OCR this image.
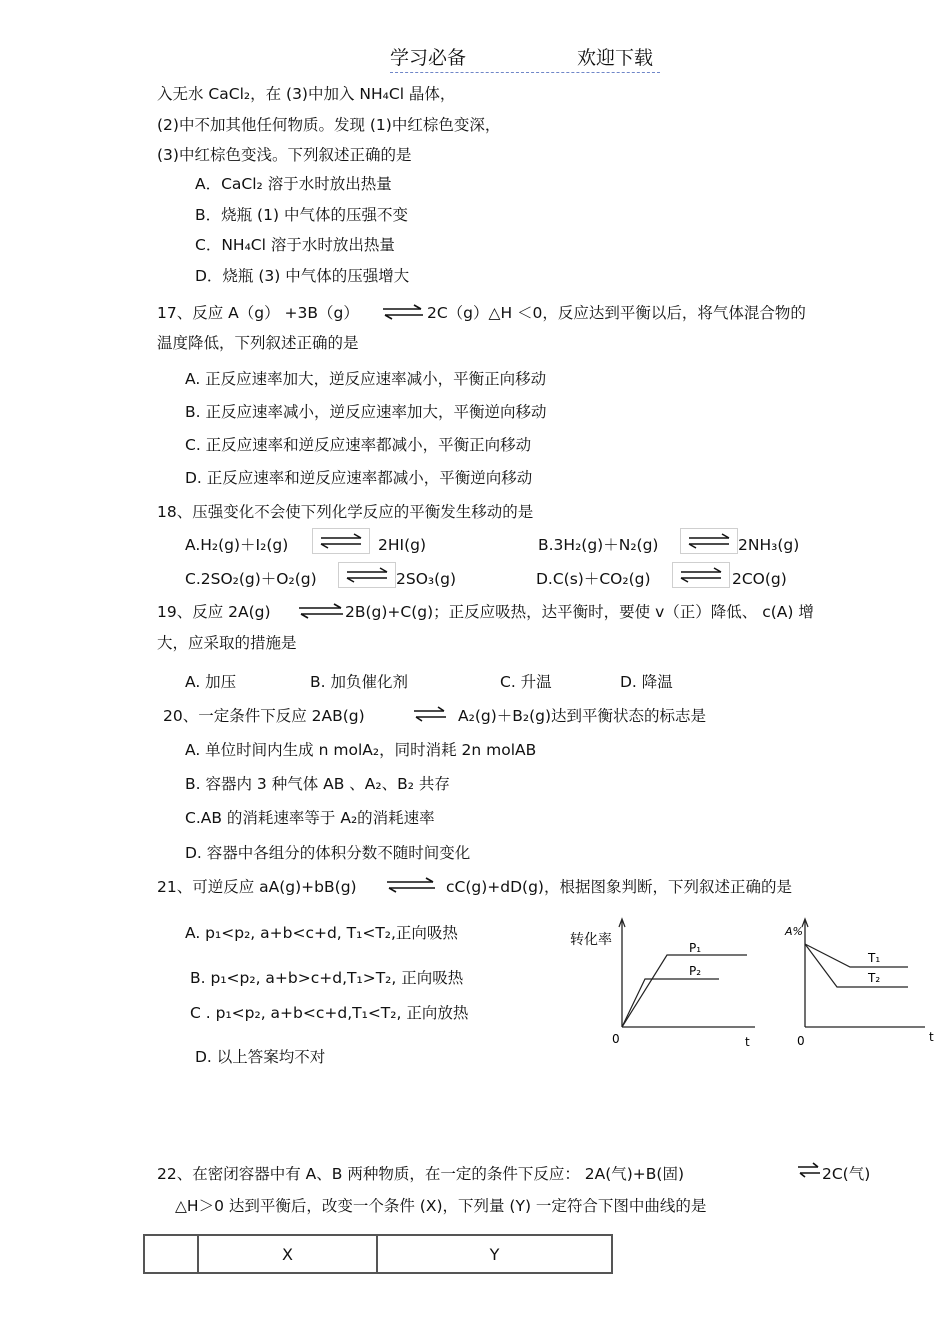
学习必备	欢迎下载
入无水 CaCl₂，在 (3)中加入 NH₄Cl 晶体，
(2)中不加其他任何物质。发现 (1)中红棕色变深，
(3)中红棕色变浅。下列叙述正确的是
A．CaCl₂ 溶于水时放出热量
B．烧瓶 (1) 中气体的压强不变
C．NH₄Cl 溶于水时放出热量
D．烧瓶 (3) 中气体的压强增大
17、反应 A（g） +3B（g） ⇌ 2C（g）△H ＜0，反应达到平衡以后，将气体混合物的
温度降低，下列叙述正确的是
A. 正反应速率加大，逆反应速率减小，平衡正向移动
B. 正反应速率减小，逆反应速率加大，平衡逆向移动
C. 正反应速率和逆反应速率都减小，平衡正向移动
D. 正反应速率和逆反应速率都减小，平衡逆向移动
18、压强变化不会使下列化学反应的平衡发生移动的是
A.H₂(g)＋I₂(g)	2HI(g)	B.3H₂(g)＋N₂(g)	2NH₃(g)
C.2SO₂(g)＋O₂(g)	2SO₃(g)	D.C(s)＋CO₂(g)	2CO(g)
19、反应 2A(g) ⇌ 2B(g)+C(g)；正反应吸热，达平衡时，要使 v（正）降低、 c(A) 增
大，应采取的措施是
A. 加压	B. 加负催化剂	C. 升温	D. 降温
20、一定条件下反应 2AB(g)	⇌ A₂(g)＋B₂(g)达到平衡状态的标志是
A. 单位时间内生成 n molA₂，同时消耗 2n molAB
B. 容器内 3 种气体 AB 、A₂、B₂ 共存
C.AB 的消耗速率等于 A₂的消耗速率
D. 容器中各组分的体积分数不随时间变化
21、可逆反应 aA(g)+bB(g) ⇌ cC(g)+dD(g)，根据图象判断，下列叙述正确的是
A. p₁<p₂, a+b<c+d, T₁<T₂,正向吸热
B. p₁<p₂, a+b>c+d,T₁>T₂, 正向吸热
C . p₁<p₂, a+b<c+d,T₁<T₂, 正向放热
D. 以上答案均不对
转化率
0	t
P₁
P₂
A%
0	t
T₁
T₂
22、在密闭容器中有 A、B 两种物质，在一定的条件下反应： 2A(气)+B(固)	⇌ 2C(气)
△H＞0 达到平衡后，改变一个条件 (X)，下列量 (Y) 一定符合下图中曲线的是
	X	Y
